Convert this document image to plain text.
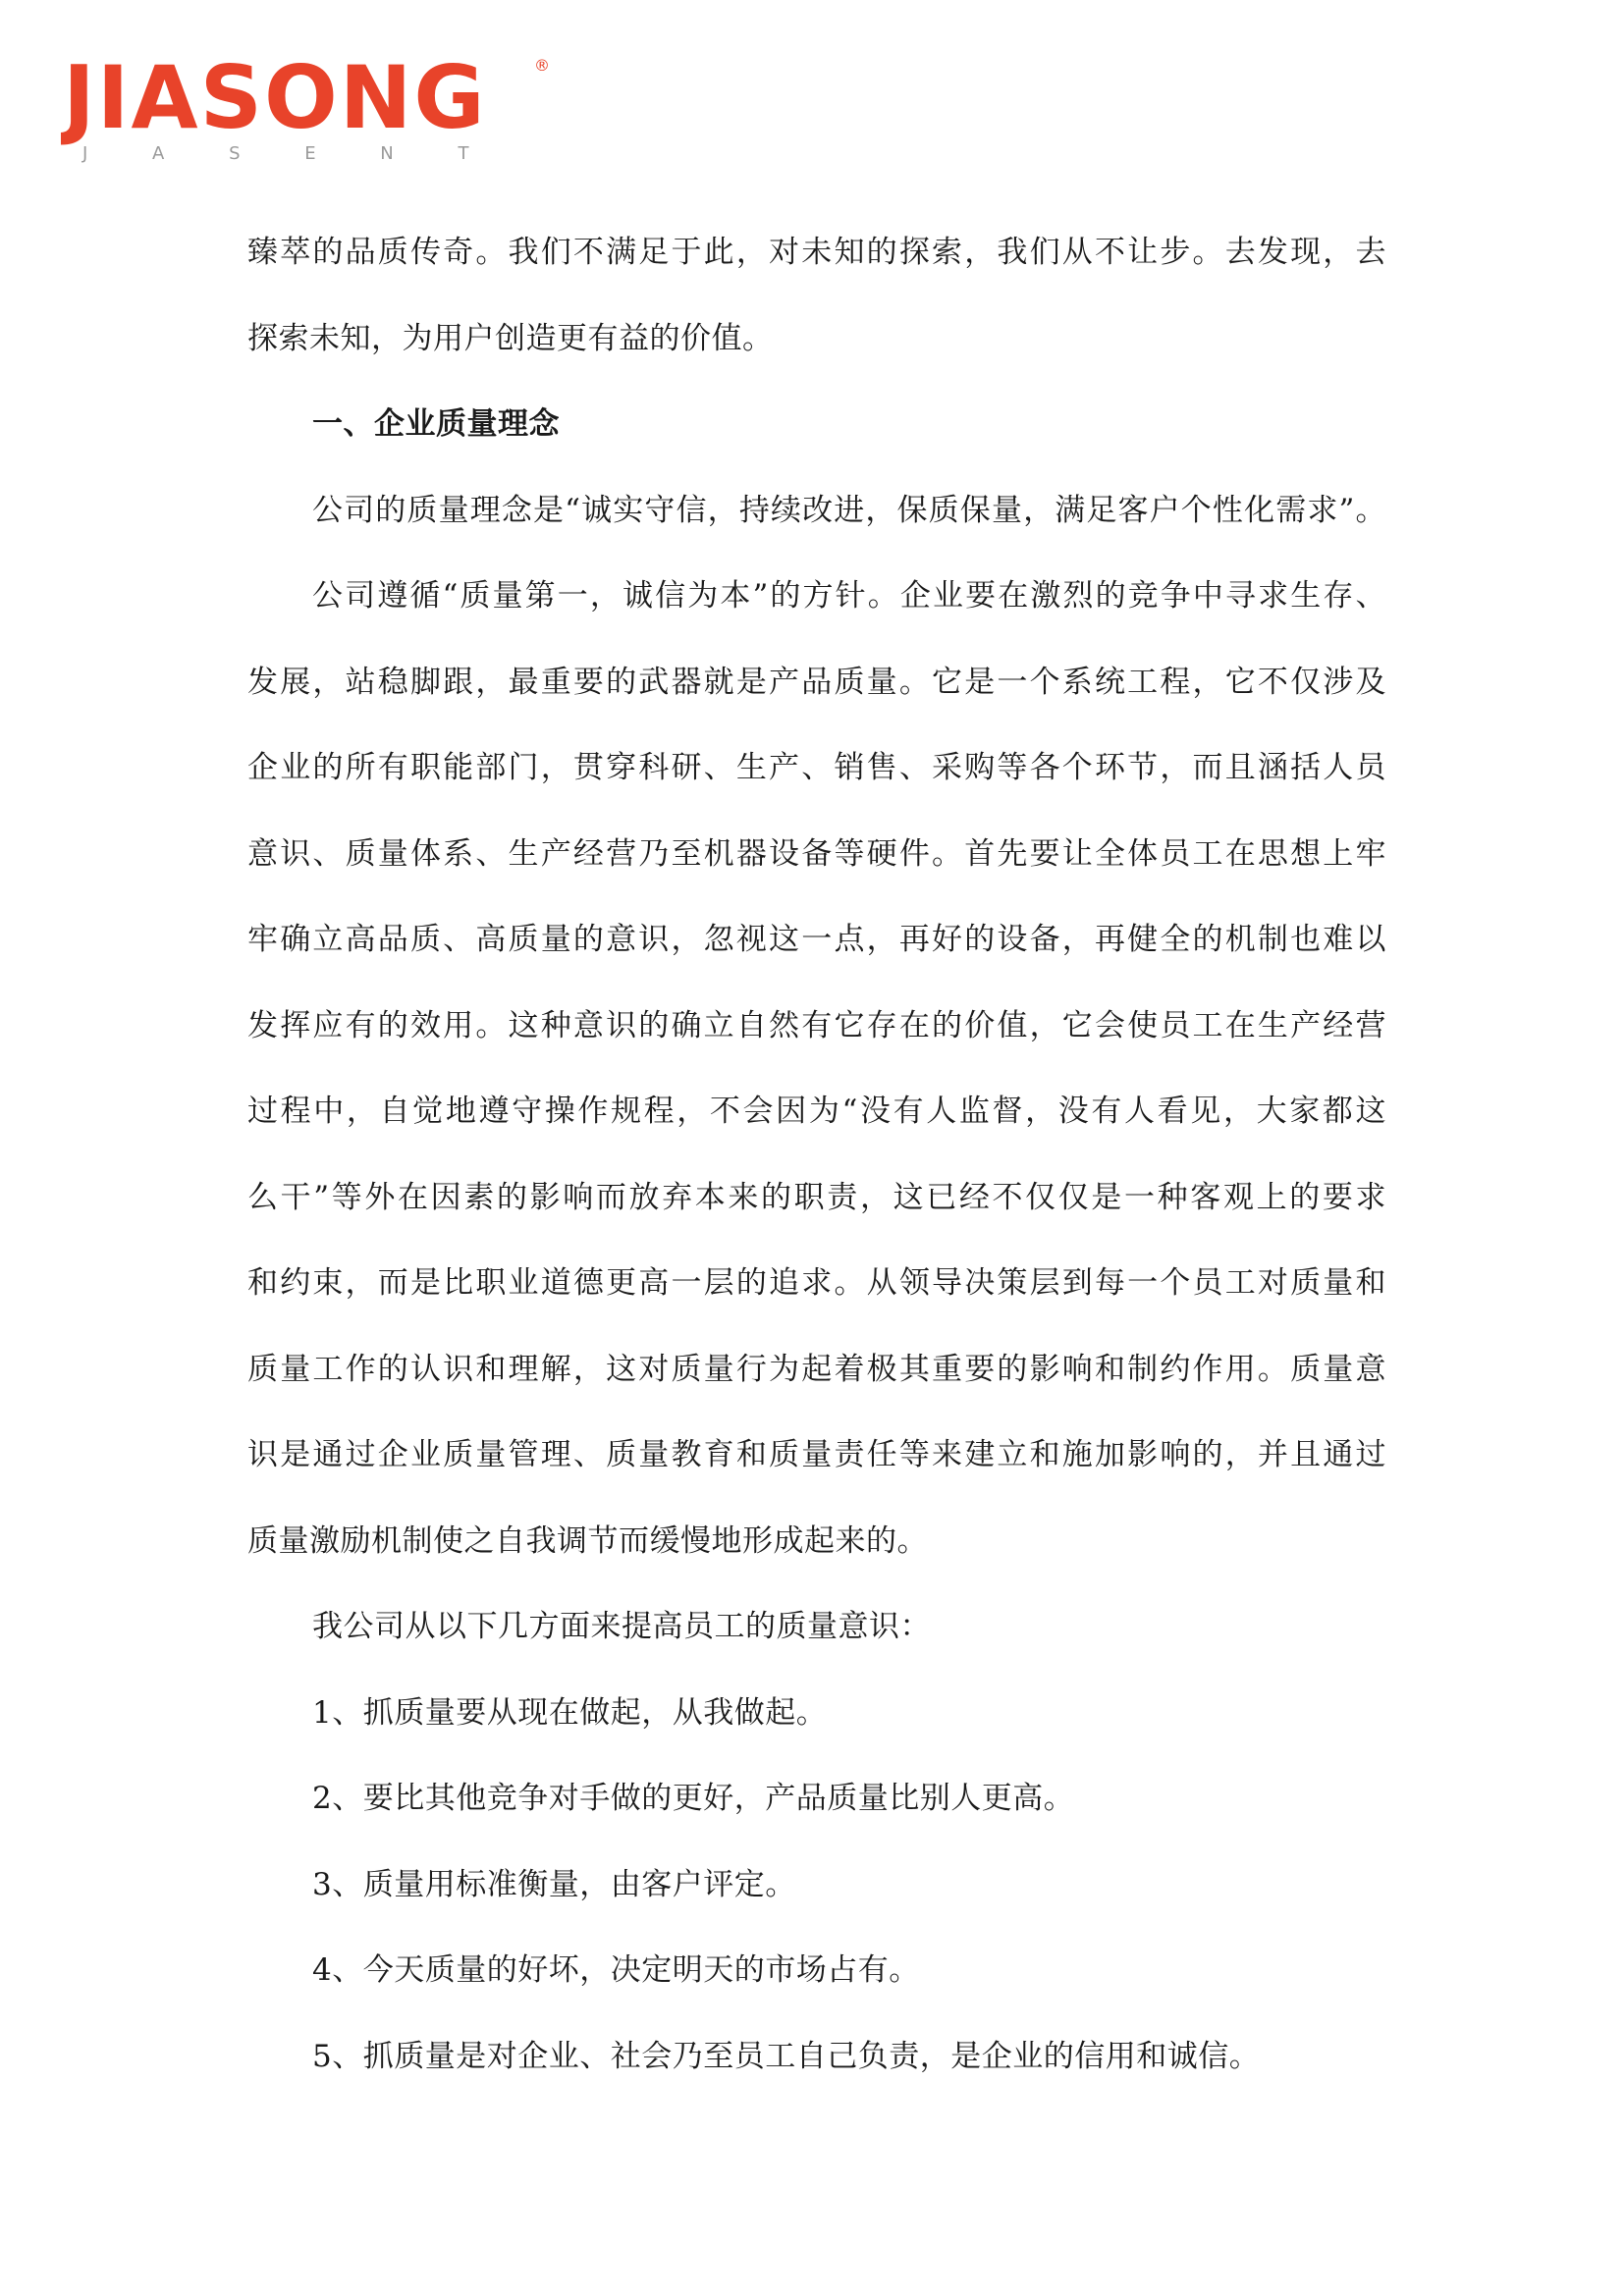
JIASONG	®
J A S E N T
臻萃的品质传奇。我们不满足于此，对未知的探索，我们从不让步。去发现，去
探索未知，为用户创造更有益的价值。
一、企业质量理念
公司的质量理念是“诚实守信，持续改进，保质保量，满足客户个性化需求”。
公司遵循“质量第一，诚信为本”的方针。企业要在激烈的竞争中寻求生存、
发展，站稳脚跟，最重要的武器就是产品质量。它是一个系统工程，它不仅涉及
企业的所有职能部门，贯穿科研、生产、销售、采购等各个环节，而且涵括人员
意识、质量体系、生产经营乃至机器设备等硬件。首先要让全体员工在思想上牢
牢确立高品质、高质量的意识，忽视这一点，再好的设备，再健全的机制也难以
发挥应有的效用。这种意识的确立自然有它存在的价值，它会使员工在生产经营
过程中，自觉地遵守操作规程，不会因为“没有人监督，没有人看见，大家都这
么干”等外在因素的影响而放弃本来的职责，这已经不仅仅是一种客观上的要求
和约束，而是比职业道德更高一层的追求。从领导决策层到每一个员工对质量和
质量工作的认识和理解，这对质量行为起着极其重要的影响和制约作用。质量意
识是通过企业质量管理、质量教育和质量责任等来建立和施加影响的，并且通过
质量激励机制使之自我调节而缓慢地形成起来的。
我公司从以下几方面来提高员工的质量意识：
1、抓质量要从现在做起，从我做起。
2、要比其他竞争对手做的更好，产品质量比别人更高。
3、质量用标准衡量，由客户评定。
4、今天质量的好坏，决定明天的市场占有。
5、抓质量是对企业、社会乃至员工自己负责，是企业的信用和诚信。
